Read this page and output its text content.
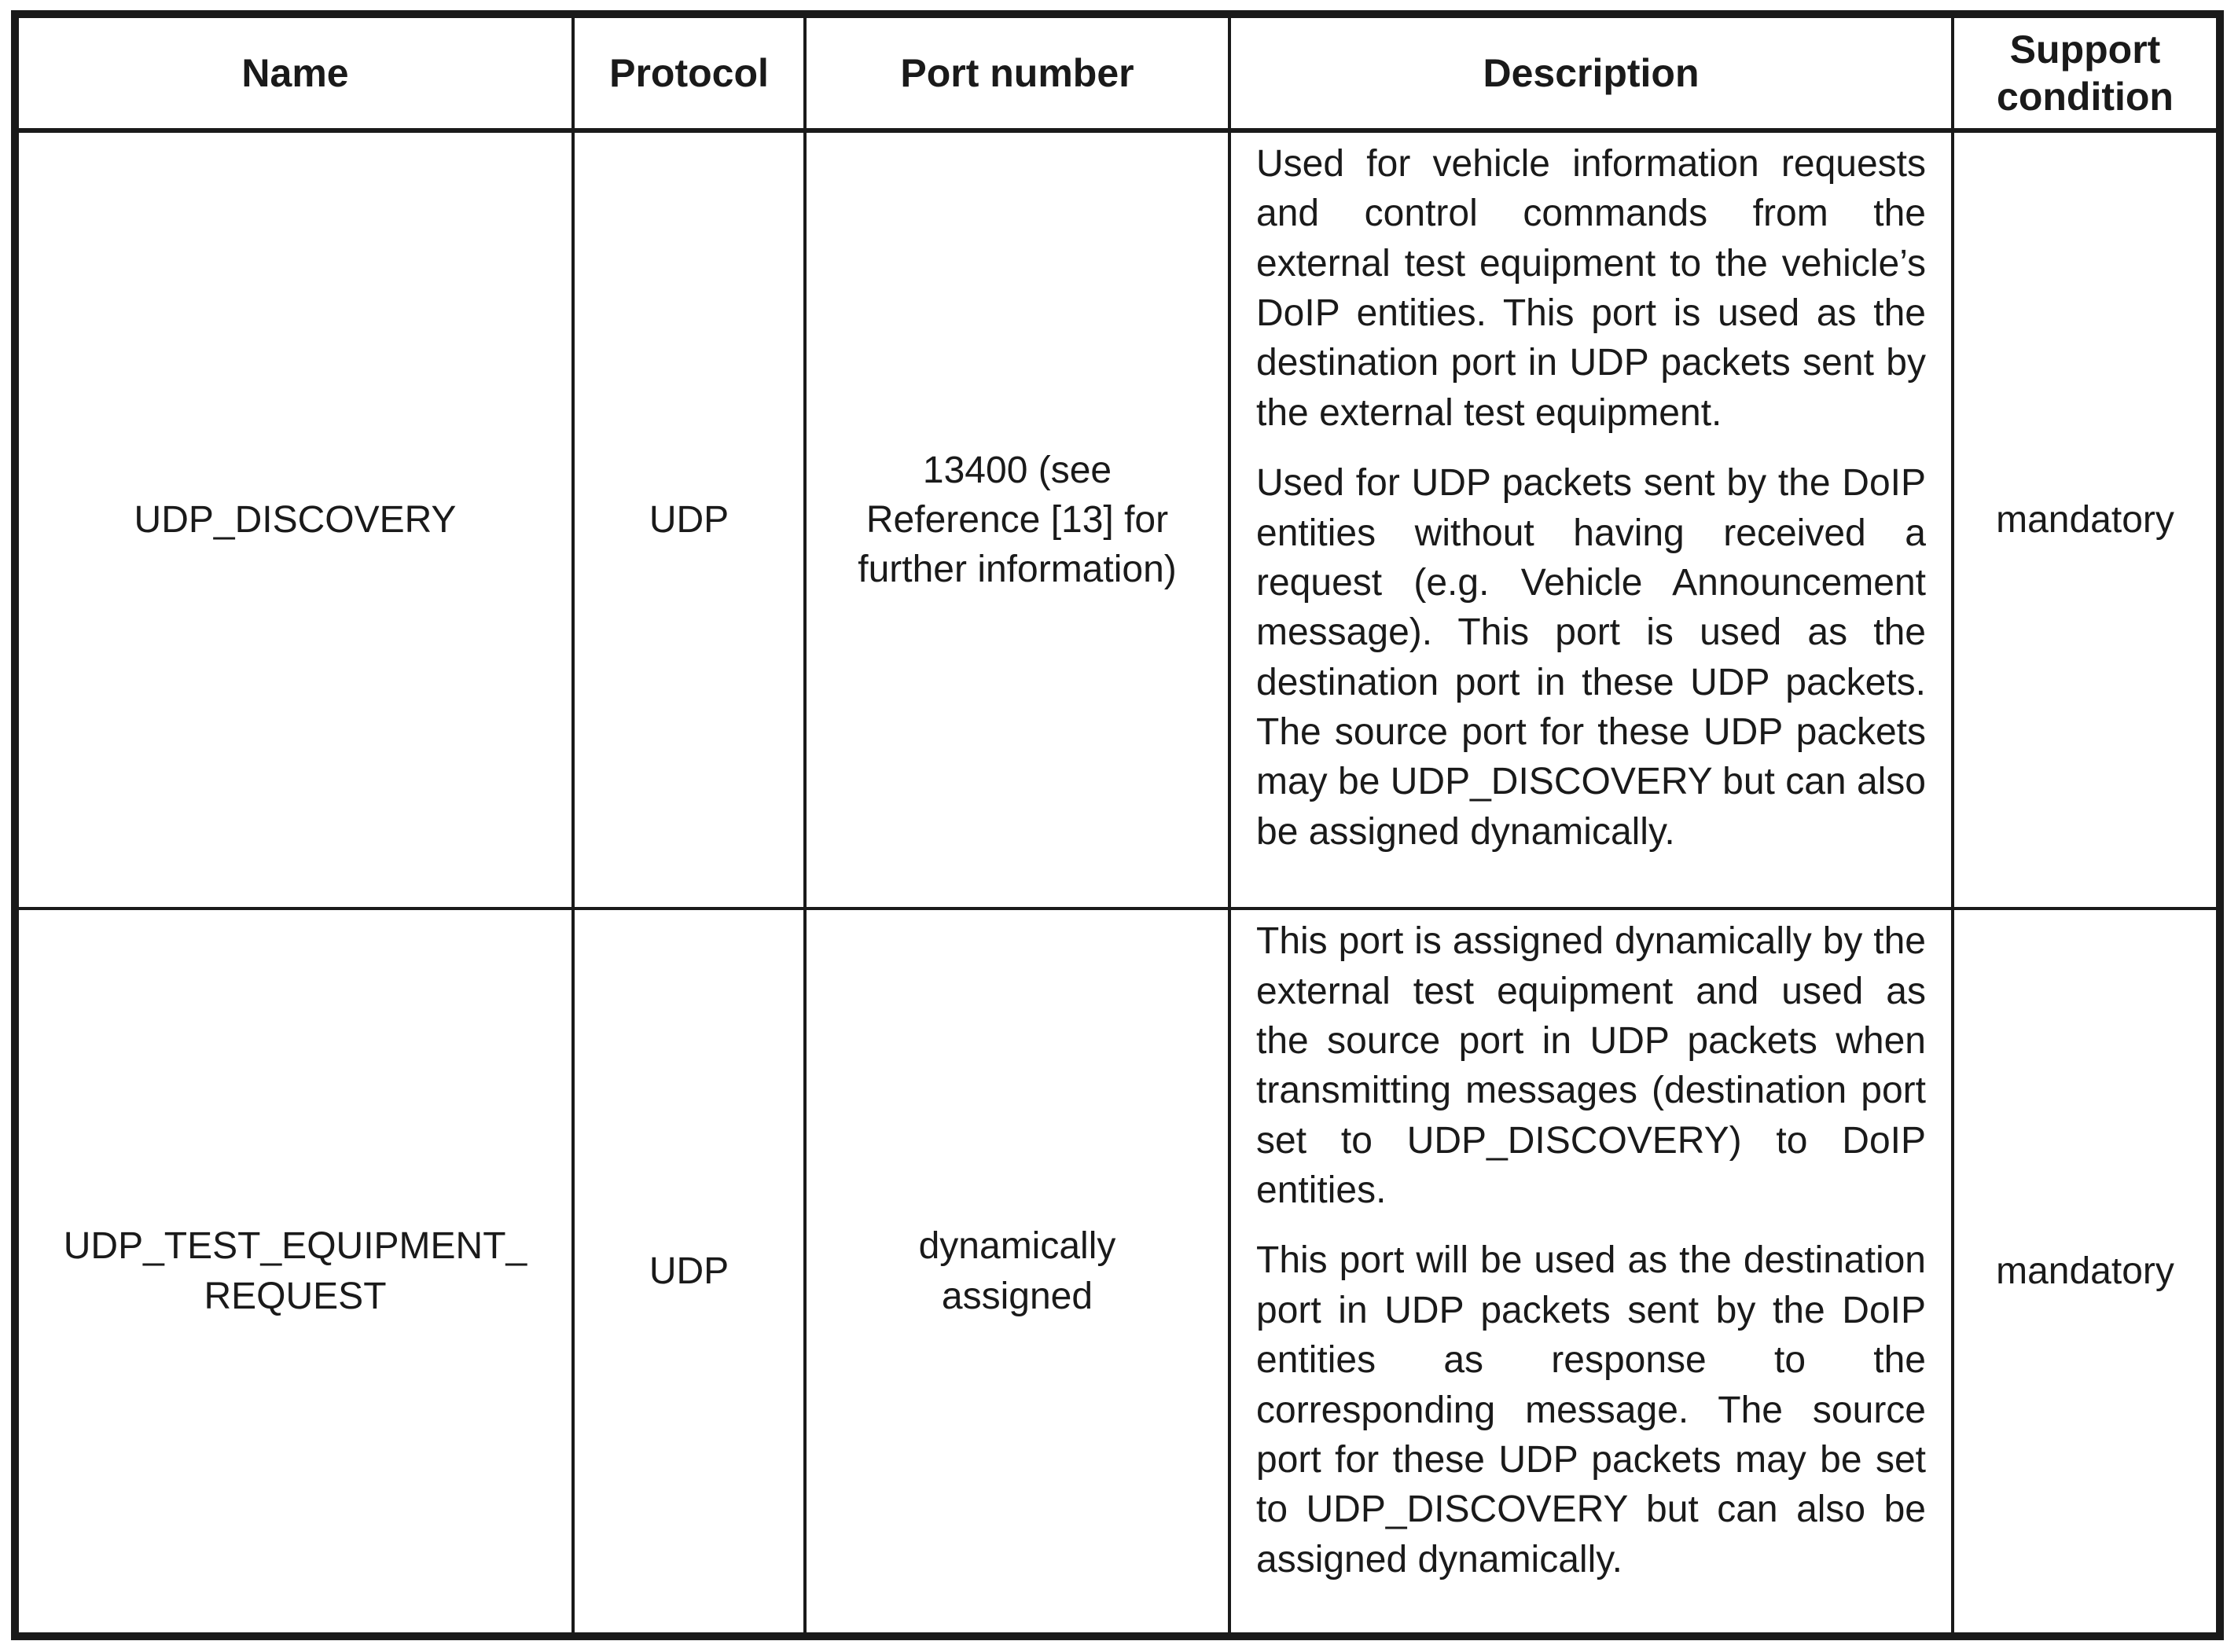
Name	Protocol	Port number	Description	Support condition
UDP_DISCOVERY	UDP	13400 (see Reference [13] for further information)	Used for vehicle information requests and control commands from the external test equipment to the vehicle’s DoIP entities. This port is used as the destination port in UDP packets sent by the external test equipment.

Used for UDP packets sent by the DoIP entities without having received a request (e.g. Vehicle Announcement message). This port is used as the destination port in these UDP packets. The source port for these UDP packets may be UDP_DISCOVERY but can also be assigned dynamically.	mandatory
UDP_TEST_EQUIPMENT_​REQUEST	UDP	dynamically assigned	This port is assigned dynamically by the external test equipment and used as the source port in UDP packets when transmitting messages (destination port set to UDP_​DISCOVERY) to DoIP entities.

This port will be used as the destination port in UDP packets sent by the DoIP entities as response to the corresponding message. The source port for these UDP packets may be set to UDP_DISCOVERY but can also be assigned dynamically.	mandatory
